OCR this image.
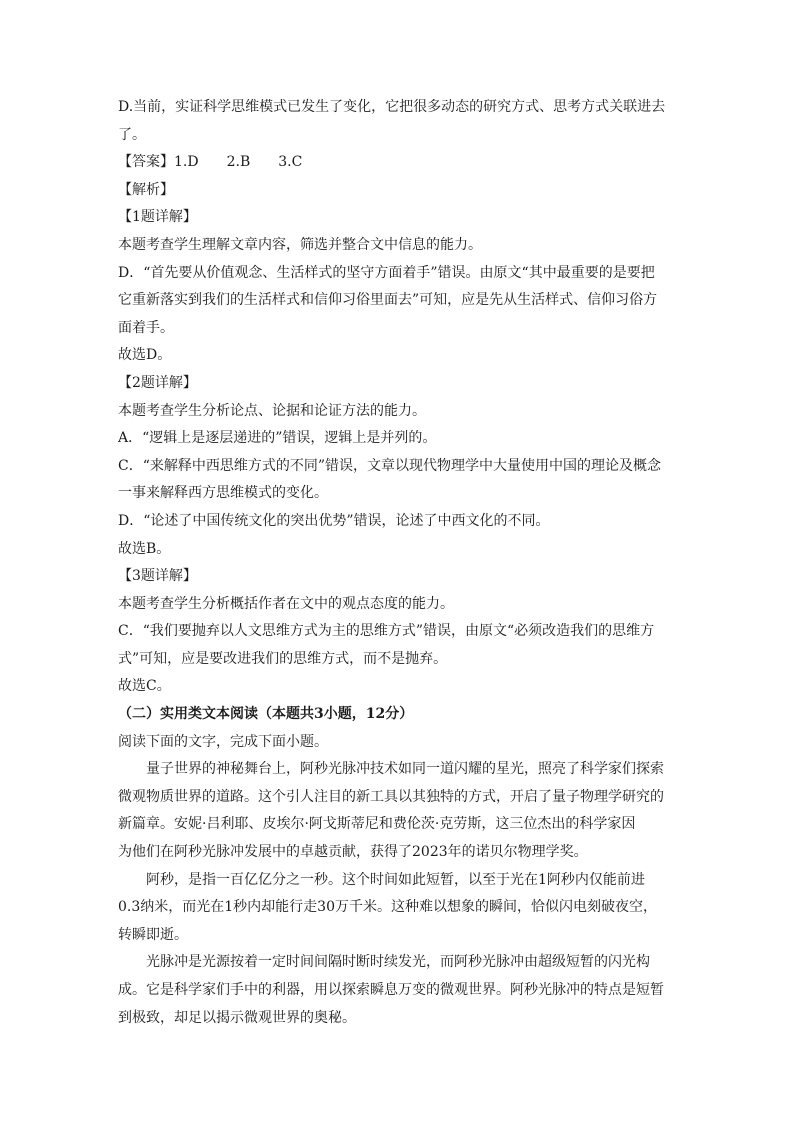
D.当前，实证科学思维模式已发生了变化，它把很多动态的研究方式、思考方式关联进去
了。
【答案】1.D　　2.B　　3.C
【解析】
【1题详解】
本题考查学生理解文章内容，筛选并整合文中信息的能力。
D．“首先要从价值观念、生活样式的坚守方面着手”错误。由原文“其中最重要的是要把
它重新落实到我们的生活样式和信仰习俗里面去”可知，应是先从生活样式、信仰习俗方
面着手。
故选D。
【2题详解】
本题考查学生分析论点、论据和论证方法的能力。
A．“逻辑上是逐层递进的”错误，逻辑上是并列的。
C．“来解释中西思维方式的不同”错误，文章以现代物理学中大量使用中国的理论及概念
一事来解释西方思维模式的变化。
D．“论述了中国传统文化的突出优势”错误，论述了中西文化的不同。
故选B。
【3题详解】
本题考查学生分析概括作者在文中的观点态度的能力。
C．“我们要抛弃以人文思维方式为主的思维方式”错误，由原文“必须改造我们的思维方
式”可知，应是要改进我们的思维方式，而不是抛弃。
故选C。
（二）实用类文本阅读（本题共3小题，12分）
阅读下面的文字，完成下面小题。
量子世界的神秘舞台上，阿秒光脉冲技术如同一道闪耀的星光，照亮了科学家们探索
微观物质世界的道路。这个引人注目的新工具以其独特的方式，开启了量子物理学研究的
新篇章。安妮·吕利耶、皮埃尔·阿戈斯蒂尼和费伦茨·克劳斯，这三位杰出的科学家因
为他们在阿秒光脉冲发展中的卓越贡献，获得了2023年的诺贝尔物理学奖。
阿秒，是指一百亿亿分之一秒。这个时间如此短暂，以至于光在1阿秒内仅能前进
0.3纳米，而光在1秒内却能行走30万千米。这种难以想象的瞬间，恰似闪电刻破夜空，
转瞬即逝。
光脉冲是光源按着一定时间间隔时断时续发光，而阿秒光脉冲由超级短暂的闪光构
成。它是科学家们手中的利器，用以探索瞬息万变的微观世界。阿秒光脉冲的特点是短暂
到极致，却足以揭示微观世界的奥秘。
